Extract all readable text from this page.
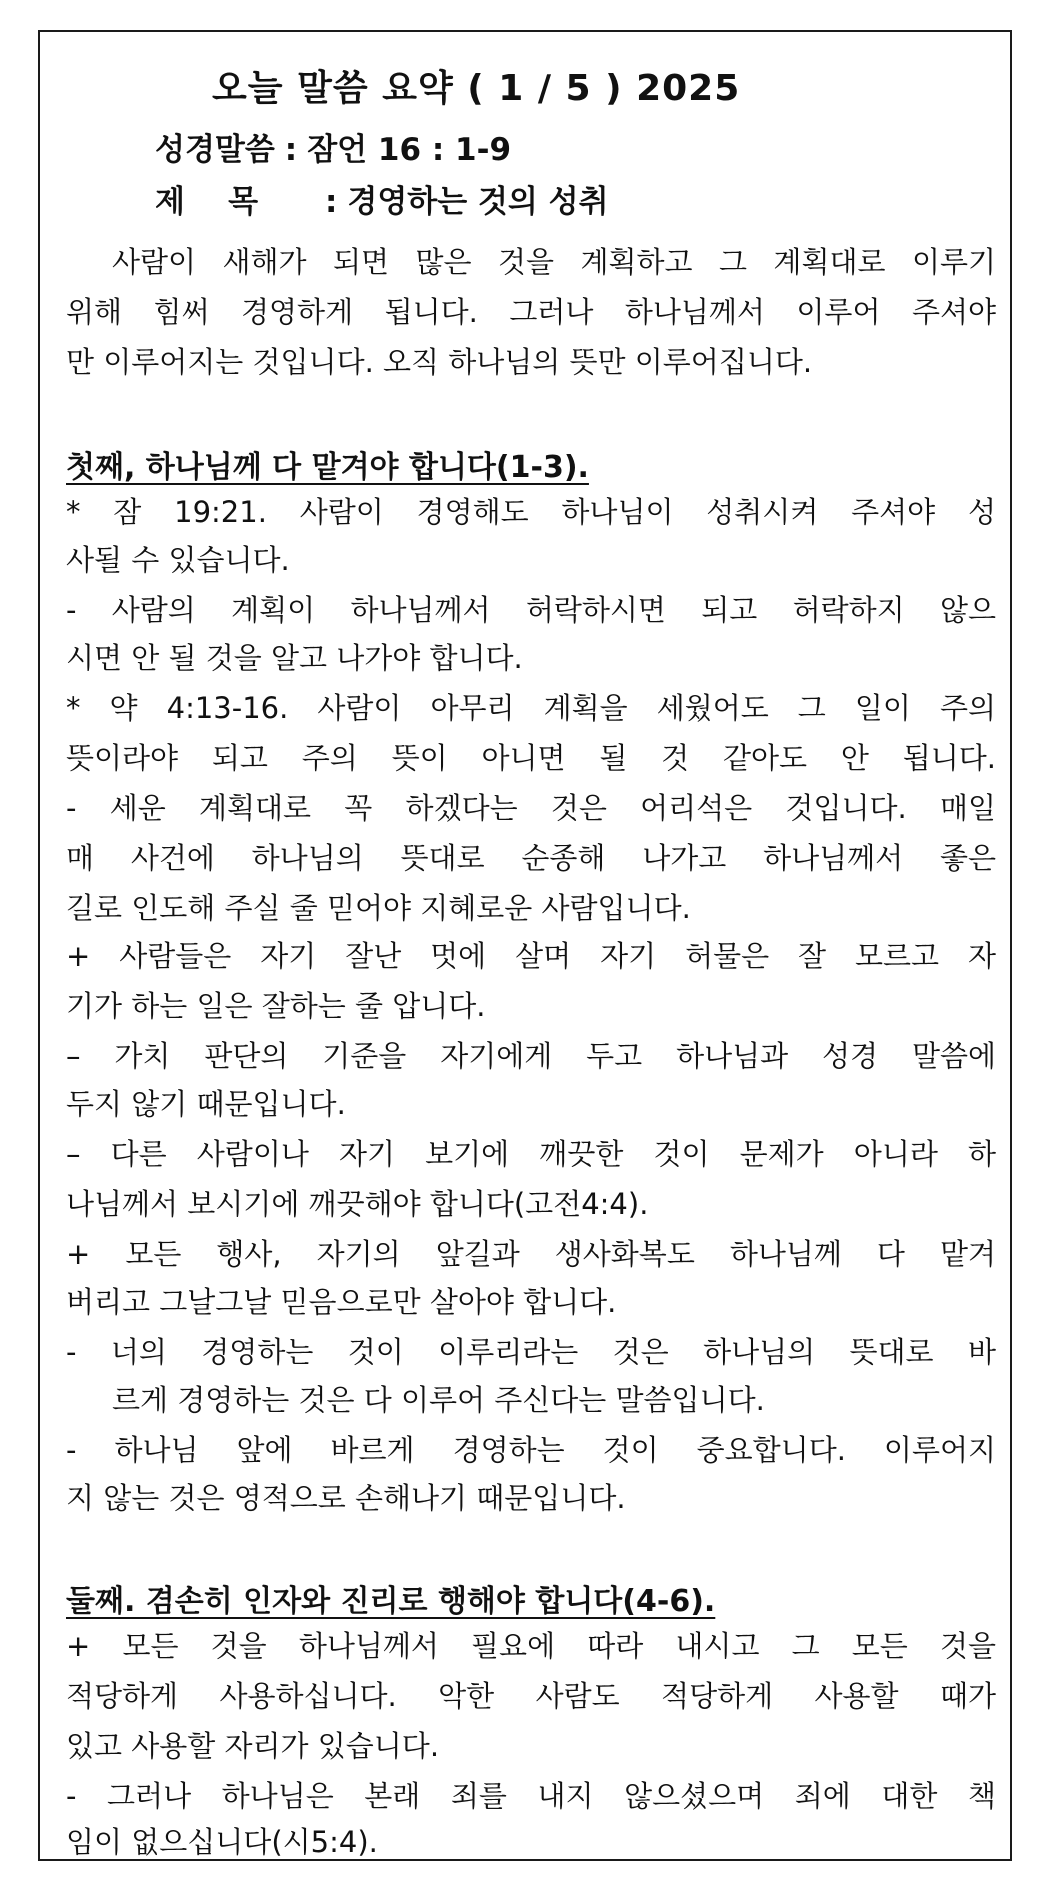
오늘 말씀 요약 ( 1 / 5 ) 2025
성경말씀 : 잠언 16 : 1-9
제    목 : 경영하는 것의 성취
사람이 새해가 되면 많은 것을 계획하고 그 계획대로 이루기
위해 힘써 경영하게 됩니다. 그러나 하나님께서 이루어 주셔야
만 이루어지는 것입니다. 오직 하나님의 뜻만 이루어집니다.
첫째, 하나님께 다 맡겨야 합니다(1-3).
* 잠 19:21. 사람이 경영해도 하나님이 성취시켜 주셔야 성
사될 수 있습니다.
- 사람의 계획이 하나님께서 허락하시면 되고 허락하지 않으
시면 안 될 것을 알고 나가야 합니다.
* 약 4:13-16. 사람이 아무리 계획을 세웠어도 그 일이 주의
뜻이라야 되고 주의 뜻이 아니면 될 것 같아도 안 됩니다.
- 세운 계획대로 꼭 하겠다는 것은 어리석은 것입니다. 매일
매 사건에 하나님의 뜻대로 순종해 나가고 하나님께서 좋은
길로 인도해 주실 줄 믿어야 지혜로운 사람입니다.
+ 사람들은 자기 잘난 멋에 살며 자기 허물은 잘 모르고 자
기가 하는 일은 잘하는 줄 압니다.
– 가치 판단의 기준을 자기에게 두고 하나님과 성경 말씀에
두지 않기 때문입니다.
– 다른 사람이나 자기 보기에 깨끗한 것이 문제가 아니라 하
나님께서 보시기에 깨끗해야 합니다(고전4:4).
+ 모든 행사, 자기의 앞길과 생사화복도 하나님께 다 맡겨
버리고 그날그날 믿음으로만 살아야 합니다.
- 너의 경영하는 것이 이루리라는 것은 하나님의 뜻대로 바
르게 경영하는 것은 다 이루어 주신다는 말씀입니다.
- 하나님 앞에 바르게 경영하는 것이 중요합니다. 이루어지
지 않는 것은 영적으로 손해나기 때문입니다.
둘째. 겸손히 인자와 진리로 행해야 합니다(4-6).
+ 모든 것을 하나님께서 필요에 따라 내시고 그 모든 것을
적당하게 사용하십니다. 악한 사람도 적당하게 사용할 때가
있고 사용할 자리가 있습니다.
- 그러나 하나님은 본래 죄를 내지 않으셨으며 죄에 대한 책
임이 없으십니다(시5:4).
